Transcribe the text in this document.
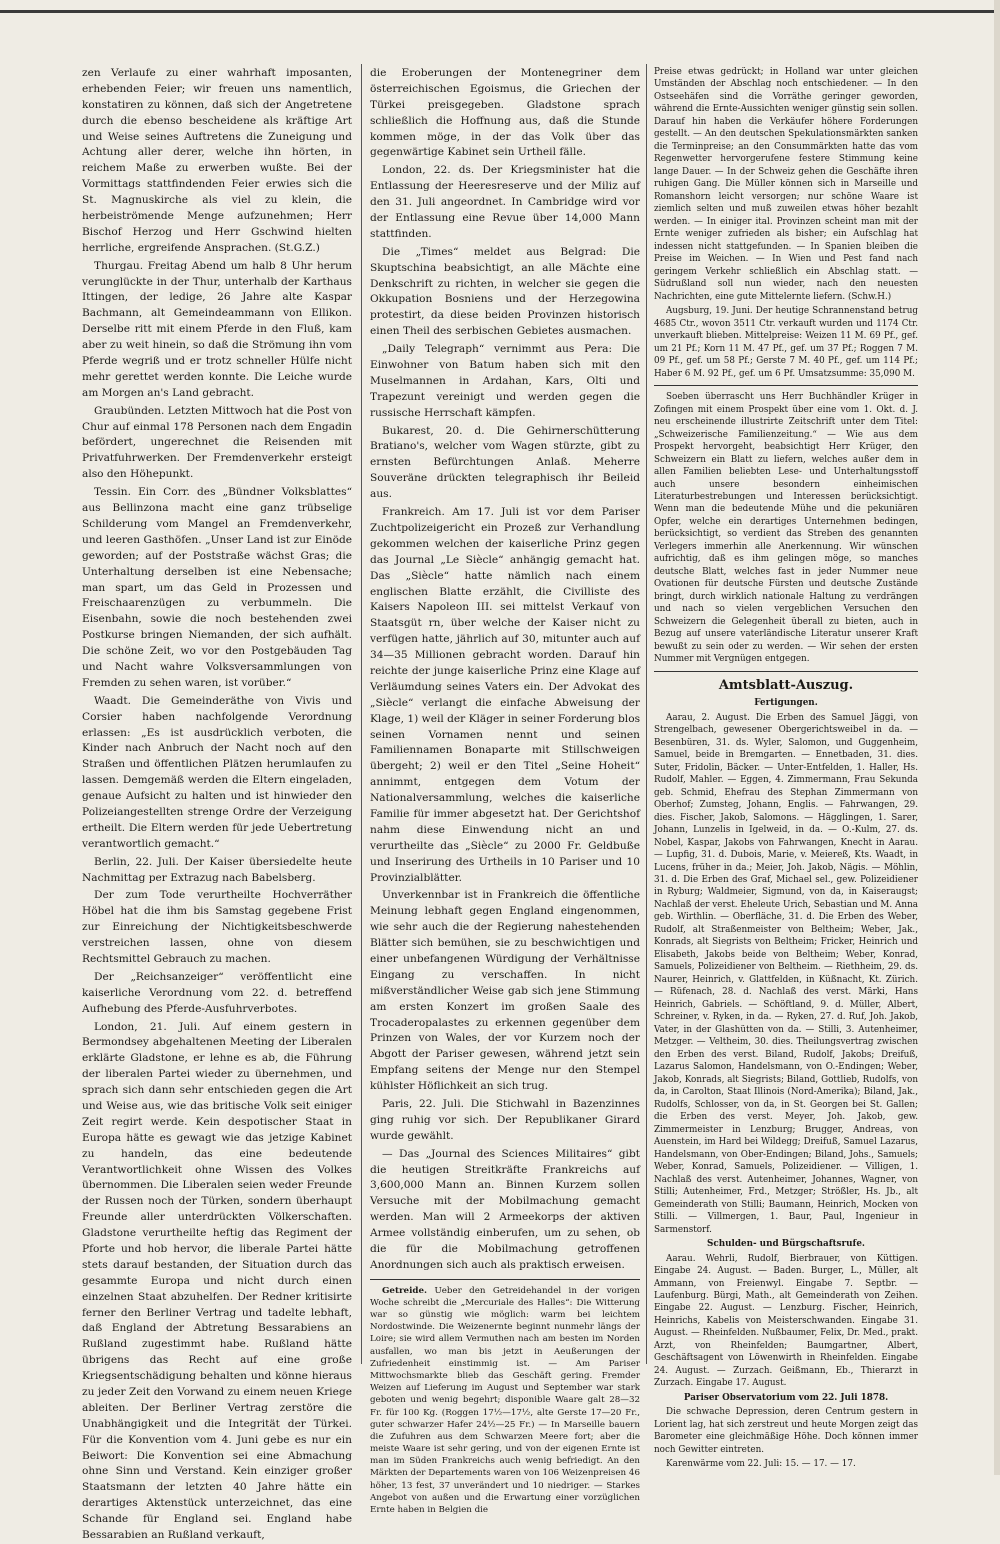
zen Verlaufe zu einer wahrhaft imposanten, erhebenden Feier; wir freuen uns namentlich, konstatiren zu können, daß sich der Angetretene durch die ebenso bescheidene als kräftige Art und Weise seines Auftretens die Zuneigung und Achtung aller derer, welche ihn hörten, in reichem Maße zu erwerben wußte. Bei der Vormittags stattfindenden Feier erwies sich die St. Magnuskirche als viel zu klein, die herbeiströmende Menge aufzunehmen; Herr Bischof Herzog und Herr Gschwind hielten herrliche, ergreifende Ansprachen. (St.G.Z.)

Thurgau. Freitag Abend um halb 8 Uhr herum verunglückte in der Thur, unterhalb der Karthaus Ittingen, der ledige, 26 Jahre alte Kaspar Bachmann, alt Gemeindeammann von Ellikon. Derselbe ritt mit einem Pferde in den Fluß, kam aber zu weit hinein, so daß die Strömung ihn vom Pferde wegriß und er trotz schneller Hülfe nicht mehr gerettet werden konnte. Die Leiche wurde am Morgen an's Land gebracht.

Graubünden. Letzten Mittwoch hat die Post von Chur auf einmal 178 Personen nach dem Engadin befördert, ungerechnet die Reisenden mit Privatfuhrwerken. Der Fremdenverkehr ersteigt also den Höhepunkt.

Tessin. Ein Corr. des „Bündner Volksblattes“ aus Bellinzona macht eine ganz trübselige Schilderung vom Mangel an Fremdenverkehr, und leeren Gasthöfen. „Unser Land ist zur Einöde geworden; auf der Poststraße wächst Gras; die Unterhaltung derselben ist eine Nebensache; man spart, um das Geld in Prozessen und Freischaarenzügen zu verbummeln. Die Eisenbahn, sowie die noch bestehenden zwei Postkurse bringen Niemanden, der sich aufhält. Die schöne Zeit, wo vor den Postgebäuden Tag und Nacht wahre Volksversammlungen von Fremden zu sehen waren, ist vorüber.“

Waadt. Die Gemeinderäthe von Vivis und Corsier haben nachfolgende Verordnung erlassen: „Es ist ausdrücklich verboten, die Kinder nach Anbruch der Nacht noch auf den Straßen und öffentlichen Plätzen herumlaufen zu lassen. Demgemäß werden die Eltern eingeladen, genaue Aufsicht zu halten und ist hinwieder den Polizeiangestellten strenge Ordre der Verzeigung ertheilt. Die Eltern werden für jede Uebertretung verantwortlich gemacht.“

Berlin, 22. Juli. Der Kaiser übersiedelte heute Nachmittag per Extrazug nach Babelsberg.

Der zum Tode verurtheilte Hochverräther Höbel hat die ihm bis Samstag gegebene Frist zur Einreichung der Nichtigkeitsbeschwerde verstreichen lassen, ohne von diesem Rechtsmittel Gebrauch zu machen.

Der „Reichsanzeiger“ veröffentlicht eine kaiserliche Verordnung vom 22. d. betreffend Aufhebung des Pferde-Ausfuhrverbotes.

London, 21. Juli. Auf einem gestern in Bermondsey abgehaltenen Meeting der Liberalen erklärte Gladstone, er lehne es ab, die Führung der liberalen Partei wieder zu übernehmen, und sprach sich dann sehr entschieden gegen die Art und Weise aus, wie das britische Volk seit einiger Zeit regirt werde. Kein despotischer Staat in Europa hätte es gewagt wie das jetzige Kabinet zu handeln, das eine bedeutende Verantwortlichkeit ohne Wissen des Volkes übernommen. Die Liberalen seien weder Freunde der Russen noch der Türken, sondern überhaupt Freunde aller unterdrückten Völkerschaften. Gladstone verurtheilte heftig das Regiment der Pforte und hob hervor, die liberale Partei hätte stets darauf bestanden, der Situation durch das gesammte Europa und nicht durch einen einzelnen Staat abzuhelfen. Der Redner kritisirte ferner den Berliner Vertrag und tadelte lebhaft, daß England der Abtretung Bessarabiens an Rußland zugestimmt habe. Rußland hätte übrigens das Recht auf eine große Kriegsentschädigung behalten und könne hieraus zu jeder Zeit den Vorwand zu einem neuen Kriege ableiten. Der Berliner Vertrag zerstöre die Unabhängigkeit und die Integrität der Türkei. Für die Konvention vom 4. Juni gebe es nur ein Beiwort: Die Konvention sei eine Abmachung ohne Sinn und Verstand. Kein einziger großer Staatsmann der letzten 40 Jahre hätte ein derartiges Aktenstück unterzeichnet, das eine Schande für England sei. England habe Bessarabien an Rußland verkauft,

die Eroberungen der Montenegriner dem österreichischen Egoismus, die Griechen der Türkei preisgegeben. Gladstone sprach schließlich die Hoffnung aus, daß die Stunde kommen möge, in der das Volk über das gegenwärtige Kabinet sein Urtheil fälle.

London, 22. ds. Der Kriegsminister hat die Entlassung der Heeresreserve und der Miliz auf den 31. Juli angeordnet. In Cambridge wird vor der Entlassung eine Revue über 14,000 Mann stattfinden.

Die „Times“ meldet aus Belgrad: Die Skuptschina beabsichtigt, an alle Mächte eine Denkschrift zu richten, in welcher sie gegen die Okkupation Bosniens und der Herzegowina protestirt, da diese beiden Provinzen historisch einen Theil des serbischen Gebietes ausmachen.

„Daily Telegraph“ vernimmt aus Pera: Die Einwohner von Batum haben sich mit den Muselmannen in Ardahan, Kars, Olti und Trapezunt vereinigt und werden gegen die russische Herrschaft kämpfen.

Bukarest, 20. d. Die Gehirnerschütterung Bratiano's, welcher vom Wagen stürzte, gibt zu ernsten Befürchtungen Anlaß. Meherre Souveräne drückten telegraphisch ihr Beileid aus.

Frankreich. Am 17. Juli ist vor dem Pariser Zuchtpolizeigericht ein Prozeß zur Verhandlung gekommen welchen der kaiserliche Prinz gegen das Journal „Le Siècle“ anhängig gemacht hat. Das „Siècle“ hatte nämlich nach einem englischen Blatte erzählt, die Civilliste des Kaisers Napoleon III. sei mittelst Verkauf von Staatsgüt rn, über welche der Kaiser nicht zu verfügen hatte, jährlich auf 30, mitunter auch auf 34—35 Millionen gebracht worden. Darauf hin reichte der junge kaiserliche Prinz eine Klage auf Verläumdung seines Vaters ein. Der Advokat des „Siècle“ verlangt die einfache Abweisung der Klage, 1) weil der Kläger in seiner Forderung blos seinen Vornamen nennt und seinen Familiennamen Bonaparte mit Stillschweigen übergeht; 2) weil er den Titel „Seine Hoheit“ annimmt, entgegen dem Votum der Nationalversammlung, welches die kaiserliche Familie für immer abgesetzt hat. Der Gerichtshof nahm diese Einwendung nicht an und verurtheilte das „Siècle“ zu 2000 Fr. Geldbuße und Inserirung des Urtheils in 10 Pariser und 10 Provinzialblätter.

Unverkennbar ist in Frankreich die öffentliche Meinung lebhaft gegen England eingenommen, wie sehr auch die der Regierung nahestehenden Blätter sich bemühen, sie zu beschwichtigen und einer unbefangenen Würdigung der Verhältnisse Eingang zu verschaffen. In nicht mißverständlicher Weise gab sich jene Stimmung am ersten Konzert im großen Saale des Trocaderopalastes zu erkennen gegenüber dem Prinzen von Wales, der vor Kurzem noch der Abgott der Pariser gewesen, während jetzt sein Empfang seitens der Menge nur den Stempel kühlster Höflichkeit an sich trug.

Paris, 22. Juli. Die Stichwahl in Bazenzinnes ging ruhig vor sich. Der Republikaner Girard wurde gewählt.

— Das „Journal des Sciences Militaires“ gibt die heutigen Streitkräfte Frankreichs auf 3,600,000 Mann an. Binnen Kurzem sollen Versuche mit der Mobilmachung gemacht werden. Man will 2 Armeekorps der aktiven Armee vollständig einberufen, um zu sehen, ob die für die Mobilmachung getroffenen Anordnungen sich auch als praktisch erweisen.

Getreide. Ueber den Getreidehandel in der vorigen Woche schreibt die „Mercuriale des Halles“: Die Witterung war so günstig wie möglich: warm bei leichtem Nordostwinde. Die Weizenernte beginnt nunmehr längs der Loire; sie wird allem Vermuthen nach am besten im Norden ausfallen, wo man bis jetzt in Aeußerungen der Zufriedenheit einstimmig ist. — Am Pariser Mittwochsmarkte blieb das Geschäft gering. Fremder Weizen auf Lieferung im August und September war stark geboten und wenig begehrt; disponible Waare galt 28—32 Fr. für 100 Kg. (Roggen 17½—17½, alte Gerste 17—20 Fr., guter schwarzer Hafer 24½—25 Fr.) — In Marseille bauern die Zufuhren aus dem Schwarzen Meere fort; aber die meiste Waare ist sehr gering, und von der eigenen Ernte ist man im Süden Frankreichs auch wenig befriedigt. An den Märkten der Departements waren von 106 Weizenpreisen 46 höher, 13 fest, 37 unverändert und 10 niedriger. — Starkes Angebot von außen und die Erwartung einer vorzüglichen Ernte haben in Belgien die

Preise etwas gedrückt; in Holland war unter gleichen Umständen der Abschlag noch entschiedener. — In den Ostseehäfen sind die Vorräthe geringer geworden, während die Ernte-Aussichten weniger günstig sein sollen. Darauf hin haben die Verkäufer höhere Forderungen gestellt. — An den deutschen Spekulationsmärkten sanken die Terminpreise; an den Consummärkten hatte das vom Regenwetter hervorgerufene festere Stimmung keine lange Dauer. — In der Schweiz gehen die Geschäfte ihren ruhigen Gang. Die Müller können sich in Marseille und Romanshorn leicht versorgen; nur schöne Waare ist ziemlich selten und muß zuweilen etwas höher bezahlt werden. — In einiger ital. Provinzen scheint man mit der Ernte weniger zufrieden als bisher; ein Aufschlag hat indessen nicht stattgefunden. — In Spanien bleiben die Preise im Weichen. — In Wien und Pest fand nach geringem Verkehr schließlich ein Abschlag statt. — Südrußland soll nun wieder, nach den neuesten Nachrichten, eine gute Mittelernte liefern. (Schw.H.)

Augsburg, 19. Juni. Der heutige Schrannenstand betrug 4685 Ctr., wovon 3511 Ctr. verkauft wurden und 1174 Ctr. unverkauft blieben. Mittelpreise: Weizen 11 M. 69 Pf., gef. um 21 Pf.; Korn 11 M. 47 Pf., gef. um 37 Pf.; Roggen 7 M. 09 Pf., gef. um 58 Pf.; Gerste 7 M. 40 Pf., gef. um 114 Pf.; Haber 6 M. 92 Pf., gef. um 6 Pf. Umsatzsumme: 35,090 M.

Soeben überrascht uns Herr Buchhändler Krüger in Zofingen mit einem Prospekt über eine vom 1. Okt. d. J. neu erscheinende illustrirte Zeitschrift unter dem Titel: „Schweizerische Familienzeitung.“ — Wie aus dem Prospekt hervorgeht, beabsichtigt Herr Krüger, den Schweizern ein Blatt zu liefern, welches außer dem in allen Familien beliebten Lese- und Unterhaltungsstoff auch unsere besondern einheimischen Literaturbestrebungen und Interessen berücksichtigt. Wenn man die bedeutende Mühe und die pekuniären Opfer, welche ein derartiges Unternehmen bedingen, berücksichtigt, so verdient das Streben des genannten Verlegers immerhin alle Anerkennung. Wir wünschen aufrichtig, daß es ihm gelingen möge, so manches deutsche Blatt, welches fast in jeder Nummer neue Ovationen für deutsche Fürsten und deutsche Zustände bringt, durch wirklich nationale Haltung zu verdrängen und nach so vielen vergeblichen Versuchen den Schweizern die Gelegenheit überall zu bieten, auch in Bezug auf unsere vaterländische Literatur unserer Kraft bewußt zu sein oder zu werden. — Wir sehen der ersten Nummer mit Vergnügen entgegen.

Amtsblatt-Auszug.

Fertigungen.

Aarau, 2. August. Die Erben des Samuel Jäggi, von Strengelbach, gewesener Obergerichtsweibel in da. — Besenbüren, 31. ds. Wyler, Salomon, und Guggenheim, Samuel, beide in Bremgarten. — Ennetbaden, 31. dies. Suter, Fridolin, Bäcker. — Unter-Entfelden, 1. Haller, Hs. Rudolf, Mahler. — Eggen, 4. Zimmermann, Frau Sekunda geb. Schmid, Ehefrau des Stephan Zimmermann von Oberhof; Zumsteg, Johann, Englis. — Fahrwangen, 29. dies. Fischer, Jakob, Salomons. — Hägglingen, 1. Sarer, Johann, Lunzelis in Igelweid, in da. — O.-Kulm, 27. ds. Nobel, Kaspar, Jakobs von Fahrwangen, Knecht in Aarau. — Lupfig, 31. d. Dubois, Marie, v. Meiereß, Kts. Waadt, in Lucens, früher in da.; Meier, Joh. Jakob, Nägis. — Möhlin, 31. d. Die Erben des Graf, Michael sel., gew. Polizeidiener in Ryburg; Waldmeier, Sigmund, von da, in Kaiseraugst; Nachlaß der verst. Eheleute Urich, Sebastian und M. Anna geb. Wirthlin. — Oberfläche, 31. d. Die Erben des Weber, Rudolf, alt Straßenmeister von Beltheim; Weber, Jak., Konrads, alt Siegrists von Beltheim; Fricker, Heinrich und Elisabeth, Jakobs beide von Beltheim; Weber, Konrad, Samuels, Polizeidiener von Beltheim. — Riethheim, 29. ds. Naurer, Heinrich, v. Glattfelden, in Küßnacht, Kt. Zürich. — Rüfenach, 28. d. Nachlaß des verst. Märki, Hans Heinrich, Gabriels. — Schöftland, 9. d. Müller, Albert, Schreiner, v. Ryken, in da. — Ryken, 27. d. Ruf, Joh. Jakob, Vater, in der Glashütten von da. — Stilli, 3. Autenheimer, Metzger. — Veltheim, 30. dies. Theilungsvertrag zwischen den Erben des verst. Biland, Rudolf, Jakobs; Dreifuß, Lazarus Salomon, Handelsmann, von O.-Endingen; Weber, Jakob, Konrads, alt Siegrists; Biland, Gottlieb, Rudolfs, von da, in Carolton, Staat Illinois (Nord-Amerika); Biland, Jak., Rudolfs, Schlosser, von da, in St. Georgen bei St. Gallen; die Erben des verst. Meyer, Joh. Jakob, gew. Zimmermeister in Lenzburg; Brugger, Andreas, von Auenstein, im Hard bei Wildegg; Dreifuß, Samuel Lazarus, Handelsmann, von Ober-Endingen; Biland, Johs., Samuels; Weber, Konrad, Samuels, Polizeidiener. — Villigen, 1. Nachlaß des verst. Autenheimer, Johannes, Wagner, von Stilli; Autenheimer, Frd., Metzger; Strößler, Hs. Jb., alt Gemeinderath von Stilli; Baumann, Heinrich, Mocken von Stilli. — Villmergen, 1. Baur, Paul, Ingenieur in Sarmenstorf.

Schulden- und Bürgschaftsrufe.

Aarau. Wehrli, Rudolf, Bierbrauer, von Küttigen. Eingabe 24. August. — Baden. Burger, L., Müller, alt Ammann, von Freienwyl. Eingabe 7. Septbr. — Laufenburg. Bürgi, Math., alt Gemeinderath von Zeihen. Eingabe 22. August. — Lenzburg. Fischer, Heinrich, Heinrichs, Kabelis von Meisterschwanden. Eingabe 31. August. — Rheinfelden. Nußbaumer, Felix, Dr. Med., prakt. Arzt, von Rheinfelden; Baumgartner, Albert, Geschäftsagent von Löwenwirth in Rheinfelden. Eingabe 24. August. — Zurzach. Geißmann, Eb., Thierarzt in Zurzach. Eingabe 17. August.

Pariser Observatorium vom 22. Juli 1878.

Die schwache Depression, deren Centrum gestern in Lorient lag, hat sich zerstreut und heute Morgen zeigt das Barometer eine gleichmäßige Höhe. Doch können immer noch Gewitter eintreten.

Karenwärme vom 22. Juli: 15. — 17. — 17.
